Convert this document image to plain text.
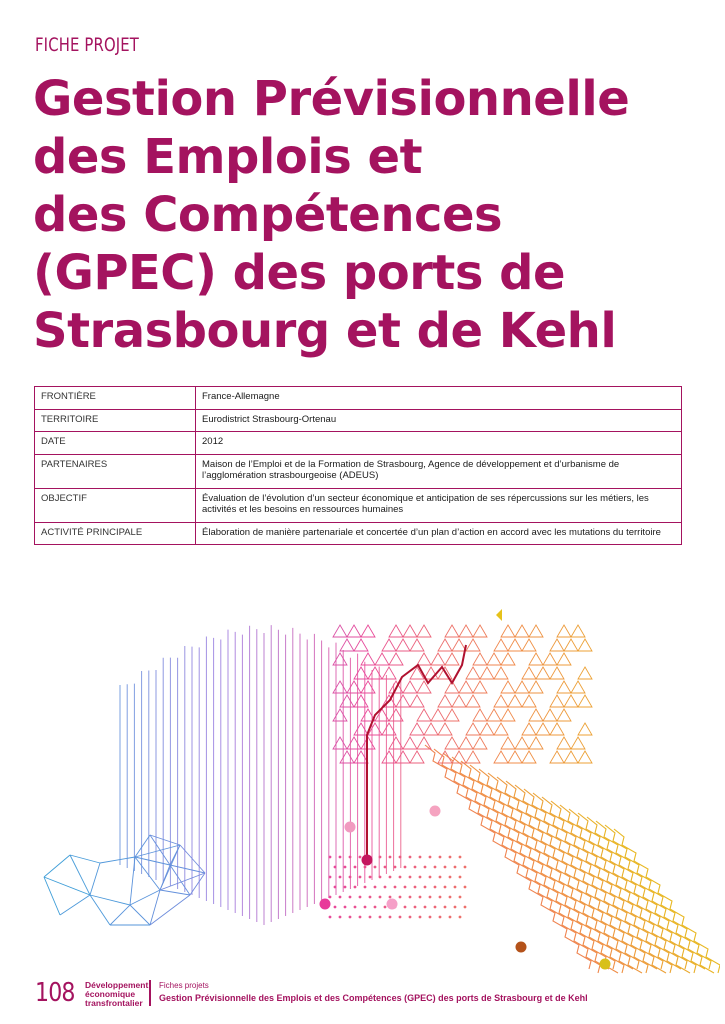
FICHE PROJET
Gestion Prévisionnelle
des Emplois et
des Compétences
(GPEC) des ports de
Strasbourg et de Kehl
FRONTIÈRE	France-Allemagne
TERRITOIRE	Eurodistrict Strasbourg-Ortenau
DATE	2012
PARTENAIRES	Maison de l’Emploi et de la Formation de Strasbourg, Agence de développement et d’urbanisme de l’agglomération strasbourgeoise (ADEUS)
OBJECTIF	Évaluation de l’évolution d’un secteur économique et anticipation de ses répercussions sur les métiers, les activités et les besoins en ressources humaines
ACTIVITÉ PRINCIPALE	Élaboration de manière partenariale et concertée d’un plan d’action en accord avec les mutations du territoire
108 Développement
économique
transfrontalier
Fiches projets
Gestion Prévisionnelle des Emplois et des Compétences (GPEC) des ports de Strasbourg et de Kehl
